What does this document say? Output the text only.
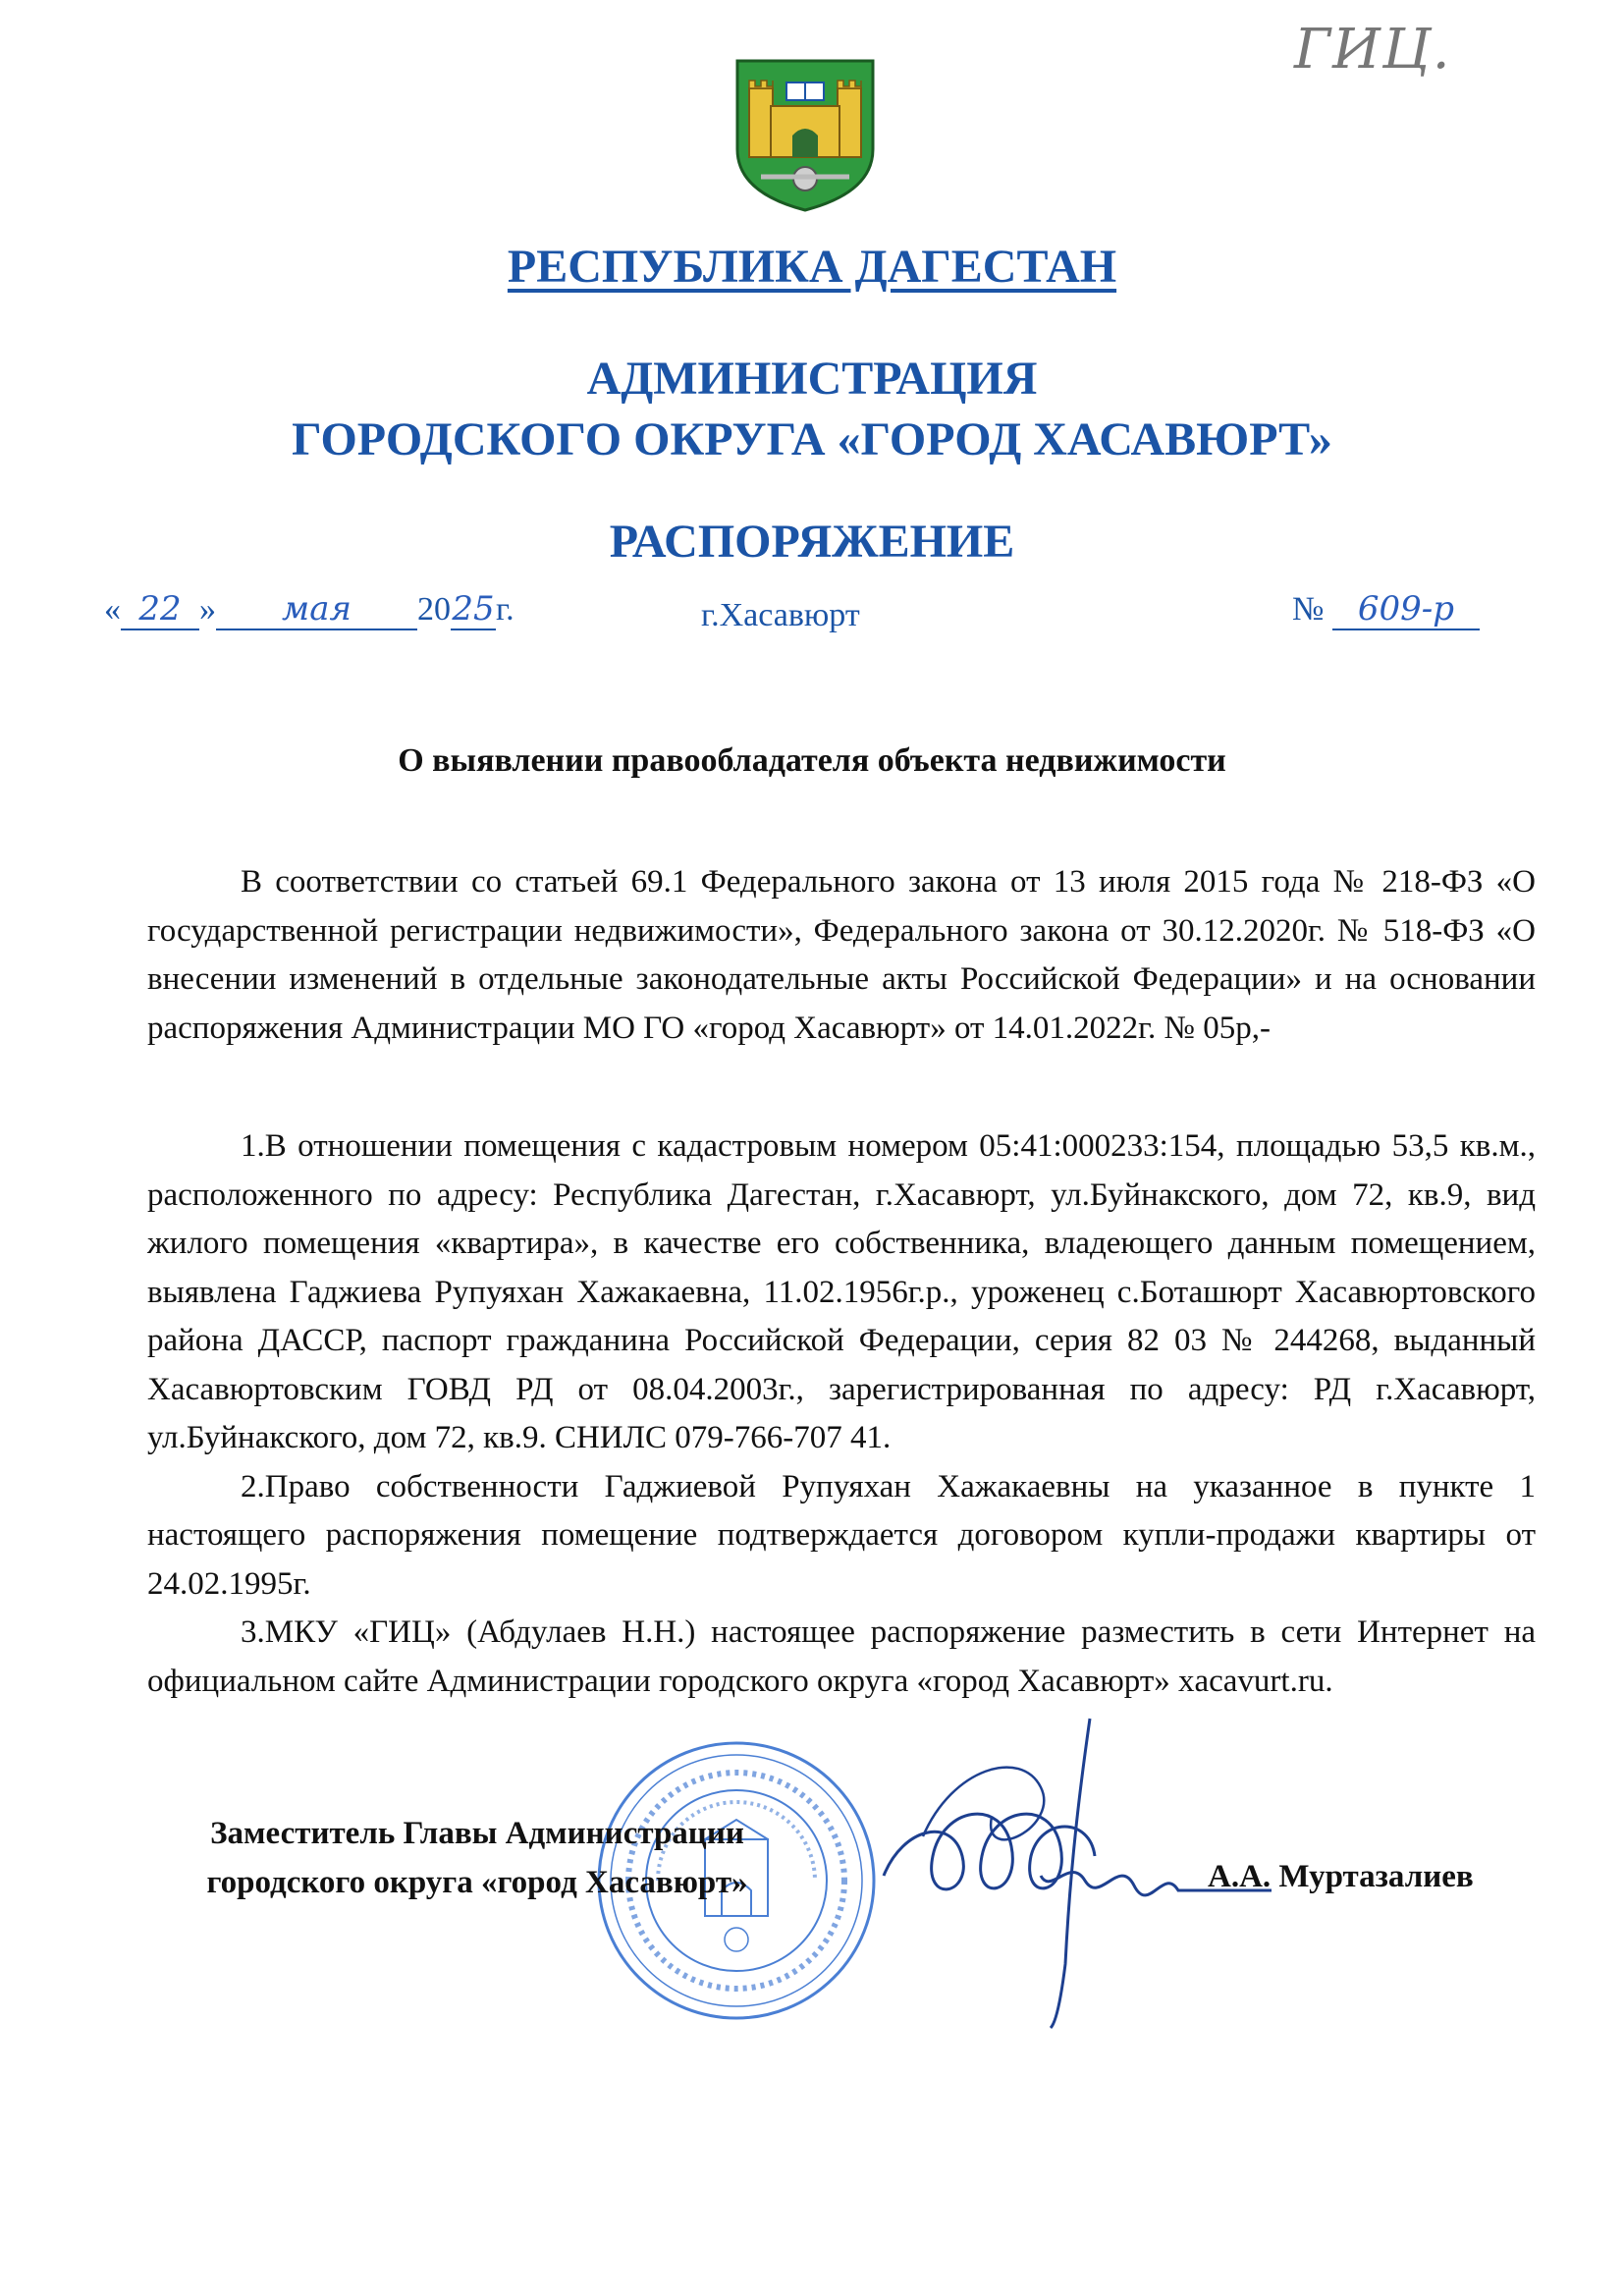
ГИЦ.
РЕСПУБЛИКА ДАГЕСТАН
АДМИНИСТРАЦИЯ
ГОРОДСКОГО ОКРУГА «ГОРОД ХАСАВЮРТ»
РАСПОРЯЖЕНИЕ
« 22 » мая 2025г.	г.Хасавюрт	№ 609-р
О выявлении правообладателя объекта недвижимости

В соответствии со статьей 69.1 Федерального закона от 13 июля 2015 года № 218-ФЗ «О государственной регистрации недвижимости», Федерального закона от 30.12.2020г. № 518-ФЗ «О внесении изменений в отдельные законодательные акты Российской Федерации» и на основании распоряжения Администрации МО ГО «город Хасавюрт» от 14.01.2022г. № 05р,-

1.В отношении помещения с кадастровым номером 05:41:000233:154, площадью 53,5 кв.м., расположенного по адресу: Республика Дагестан, г.Хасавюрт, ул.Буйнакского, дом 72, кв.9, вид жилого помещения «квартира», в качестве его собственника, владеющего данным помещением, выявлена Гаджиева Рупуяхан Хажакаевна, 11.02.1956г.р., уроженец с.Боташюрт Хасавюртовского района ДАССР, паспорт гражданина Российской Федерации, серия 82 03 № 244268, выданный Хасавюртовским ГОВД РД от 08.04.2003г., зарегистрированная по адресу: РД г.Хасавюрт, ул.Буйнакского, дом 72, кв.9. СНИЛС 079-766-707 41.

2.Право собственности Гаджиевой Рупуяхан Хажакаевны на указанное в пункте 1 настоящего распоряжения помещение подтверждается договором купли-продажи квартиры от 24.02.1995г.

3.МКУ «ГИЦ» (Абдулаев Н.Н.) настоящее распоряжение разместить в сети Интернет на официальном сайте Администрации городского округа «город Хасавюрт» xacavurt.ru.

Заместитель Главы Администрации
городского округа «город Хасавюрт»	А.А. Муртазалиев
